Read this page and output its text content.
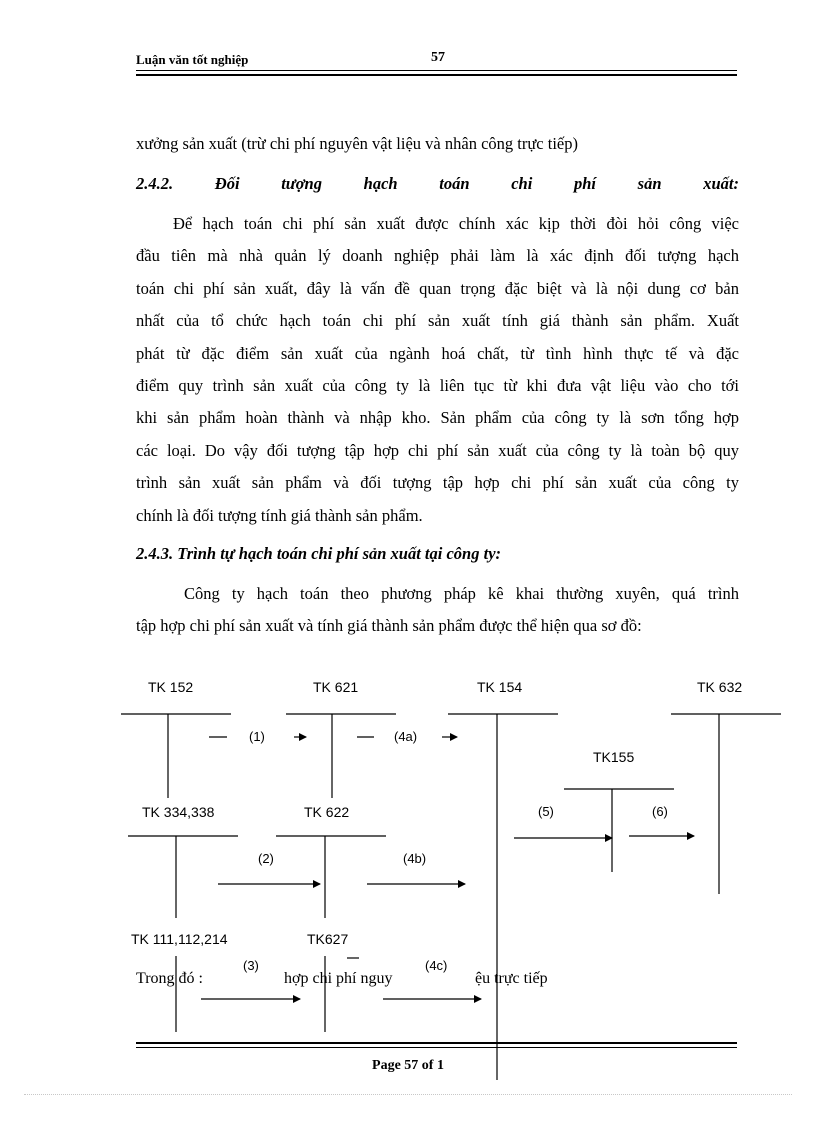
Luận văn tốt nghiệp	57
xưởng sản xuất (trừ chi phí nguyên vật liệu và nhân công trực tiếp)
2.4.2.	Đối	tượng	hạch	toán	chi	phí	sản	xuất:

Để hạch toán chi phí sản xuất được chính xác kịp thời đòi hỏi công việc

đầu tiên mà nhà quản lý doanh nghiệp phải làm là xác định đối tượng hạch

toán chi phí sản xuất, đây là vấn đề quan trọng đặc biệt và là nội dung cơ bản

nhất của tổ chức hạch toán chi phí sản xuất tính giá thành sản phẩm. Xuất

phát từ đặc điểm sản xuất của ngành hoá chất, từ tình hình thực tế và đặc

điểm quy trình sản xuất của công ty là liên tục từ khi đưa vật liệu vào cho tới

khi sản phẩm hoàn thành và nhập kho. Sản phẩm của công ty là sơn tổng hợp

các loại. Do vậy đối tượng tập hợp chi phí sản xuất của công ty là toàn bộ quy

trình sản xuất sản phẩm và đối tượng tập hợp chi phí sản xuất của công ty

chính là đối tượng tính giá thành sản phẩm.

2.4.3. Trình tự hạch toán chi phí sản xuất tại công ty:

Công ty hạch toán theo phương pháp kê khai thường xuyên, quá trình

tập hợp chi phí sản xuất và tính giá thành sản phẩm được thể hiện qua sơ đồ:

TK 152	TK 621	TK 154	TK 632
TK155
TK 334,338	TK 622
TK 111,112,214	TK627
(1)	(4a)
(5)	(6)
(2)	(4b)
(3)	(4c)
Trong đó :	hợp chi phí nguy	ệu trực tiếp
Page 57 of 1
